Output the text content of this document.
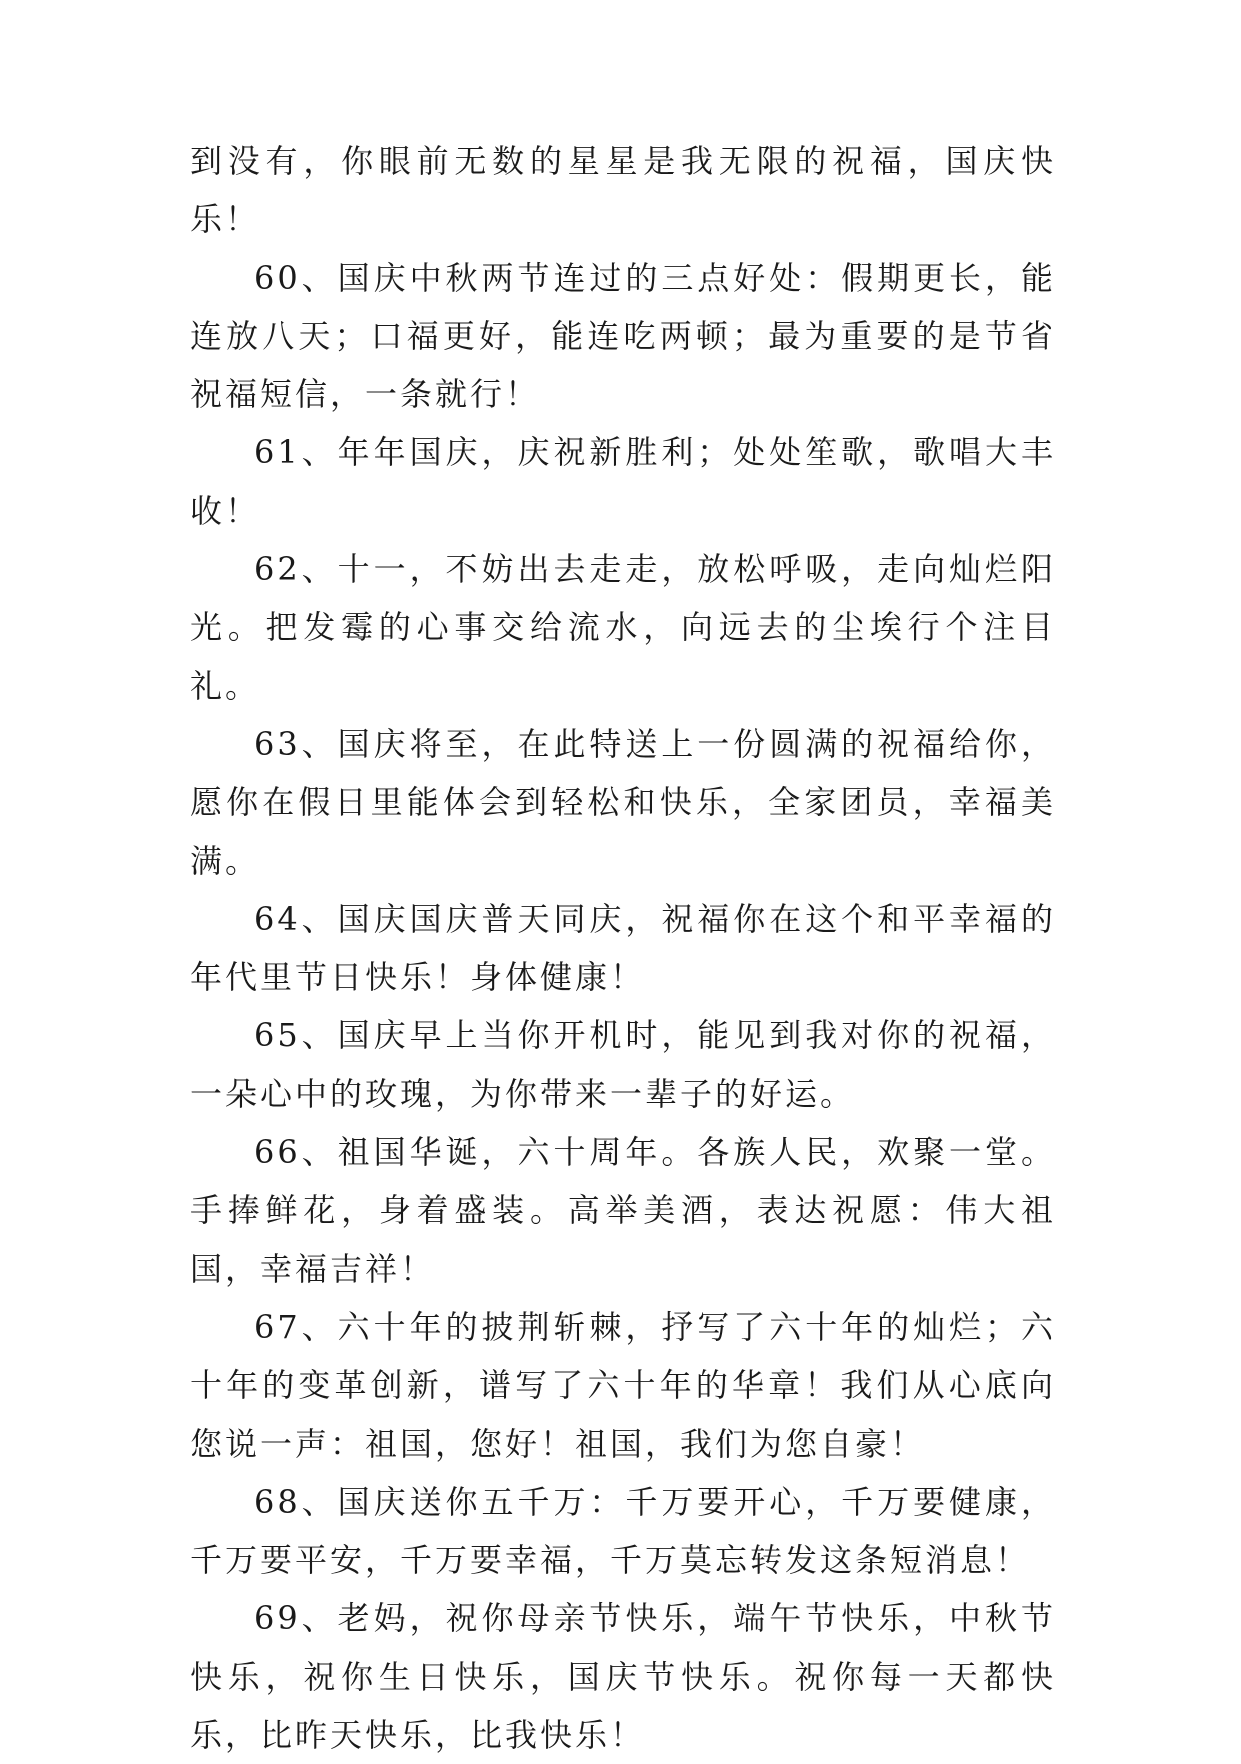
到没有，你眼前无数的星星是我无限的祝福，国庆快乐！

60、国庆中秋两节连过的三点好处：假期更长，能连放八天；口福更好，能连吃两顿；最为重要的是节省祝福短信，一条就行！

61、年年国庆，庆祝新胜利；处处笙歌，歌唱大丰收！

62、十一，不妨出去走走，放松呼吸，走向灿烂阳光。把发霉的心事交给流水，向远去的尘埃行个注目礼。

63、国庆将至，在此特送上一份圆满的祝福给你，愿你在假日里能体会到轻松和快乐，全家团员，幸福美满。

64、国庆国庆普天同庆，祝福你在这个和平幸福的年代里节日快乐！身体健康！

65、国庆早上当你开机时，能见到我对你的祝福，一朵心中的玫瑰，为你带来一辈子的好运。

66、祖国华诞，六十周年。各族人民，欢聚一堂。手捧鲜花，身着盛装。高举美酒，表达祝愿：伟大祖国，幸福吉祥！

67、六十年的披荆斩棘，抒写了六十年的灿烂；六十年的变革创新，谱写了六十年的华章！我们从心底向您说一声：祖国，您好！祖国，我们为您自豪！

68、国庆送你五千万：千万要开心，千万要健康，千万要平安，千万要幸福，千万莫忘转发这条短消息！

69、老妈，祝你母亲节快乐，端午节快乐，中秋节快乐，祝你生日快乐，国庆节快乐。祝你每一天都快乐，比昨天快乐，比我快乐！
